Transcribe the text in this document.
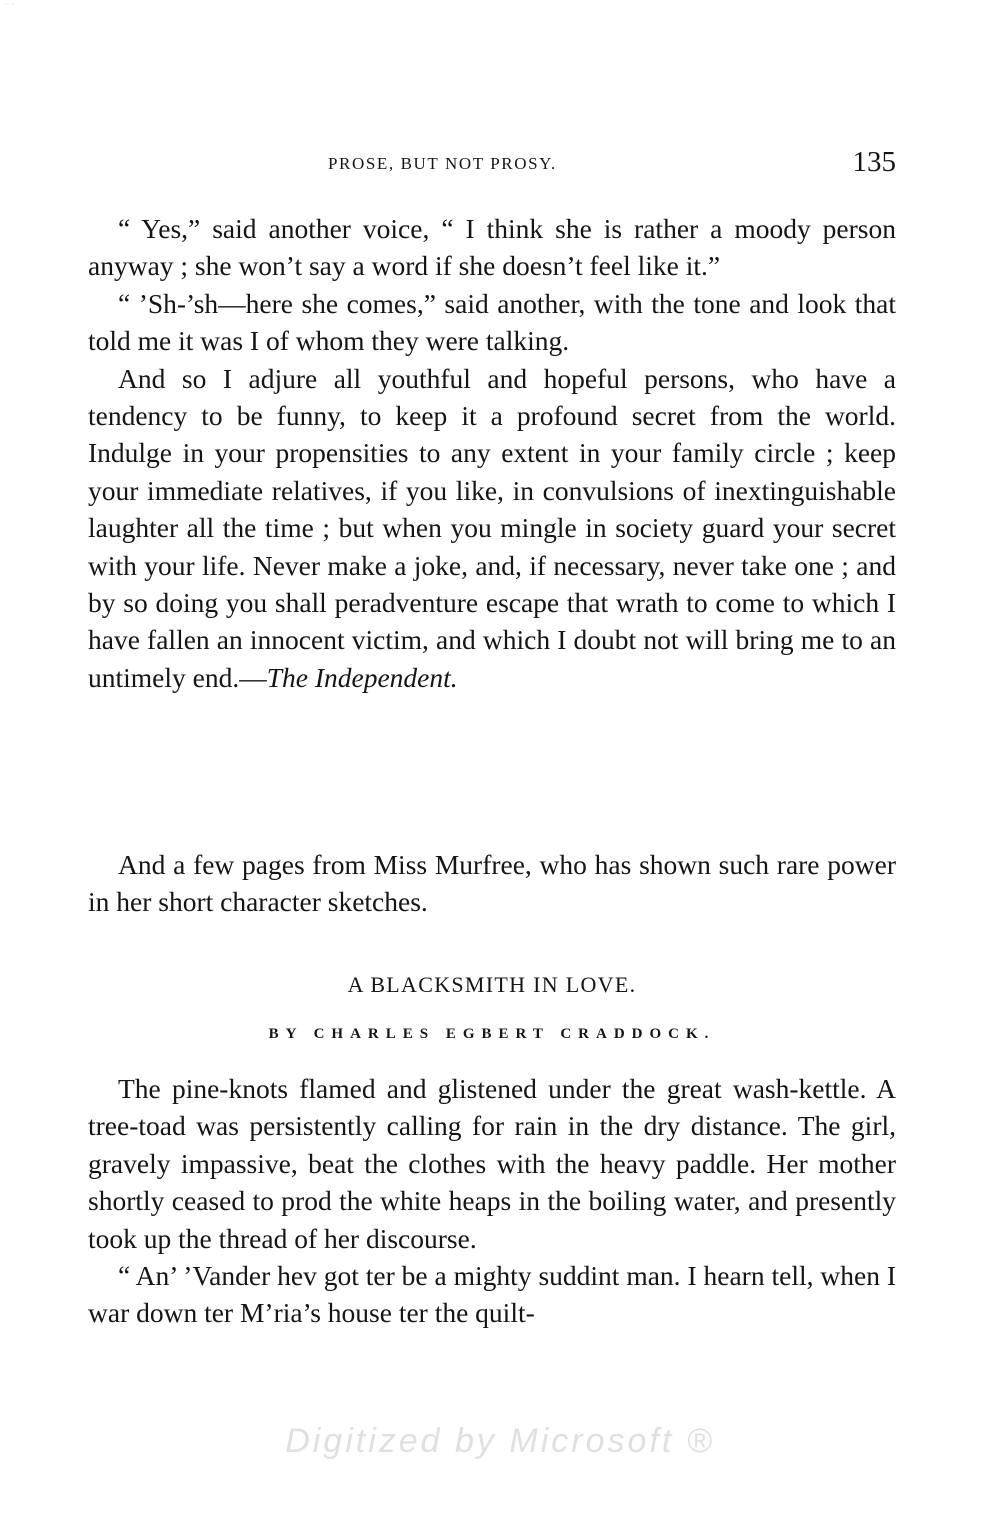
·· ·
PROSE, BUT NOT PROSY.	135

“ Yes,” said another voice, “ I think she is rather a moody person anyway ; she won’t say a word if she doesn’t feel like it.”

“ ’Sh-’sh—here she comes,” said another, with the tone and look that told me it was I of whom they were talking.

And so I adjure all youthful and hopeful persons, who have a tendency to be funny, to keep it a profound secret from the world. Indulge in your propensities to any extent in your family circle ; keep your immediate relatives, if you like, in convulsions of inextinguishable laughter all the time ; but when you mingle in society guard your secret with your life. Never make a joke, and, if necessary, never take one ; and by so doing you shall peradventure escape that wrath to come to which I have fallen an innocent victim, and which I doubt not will bring me to an untimely end.—The Independent.

And a few pages from Miss Murfree, who has shown such rare power in her short character sketches.

A BLACKSMITH IN LOVE.
BY CHARLES EGBERT CRADDOCK.

The pine-knots flamed and glistened under the great wash-kettle. A tree-toad was persistently calling for rain in the dry distance. The girl, gravely impassive, beat the clothes with the heavy paddle. Her mother shortly ceased to prod the white heaps in the boiling water, and presently took up the thread of her discourse.

“ An’ ’Vander hev got ter be a mighty suddint man. I hearn tell, when I war down ter M’ria’s house ter the quilt-

Digitized by Microsoft ®
